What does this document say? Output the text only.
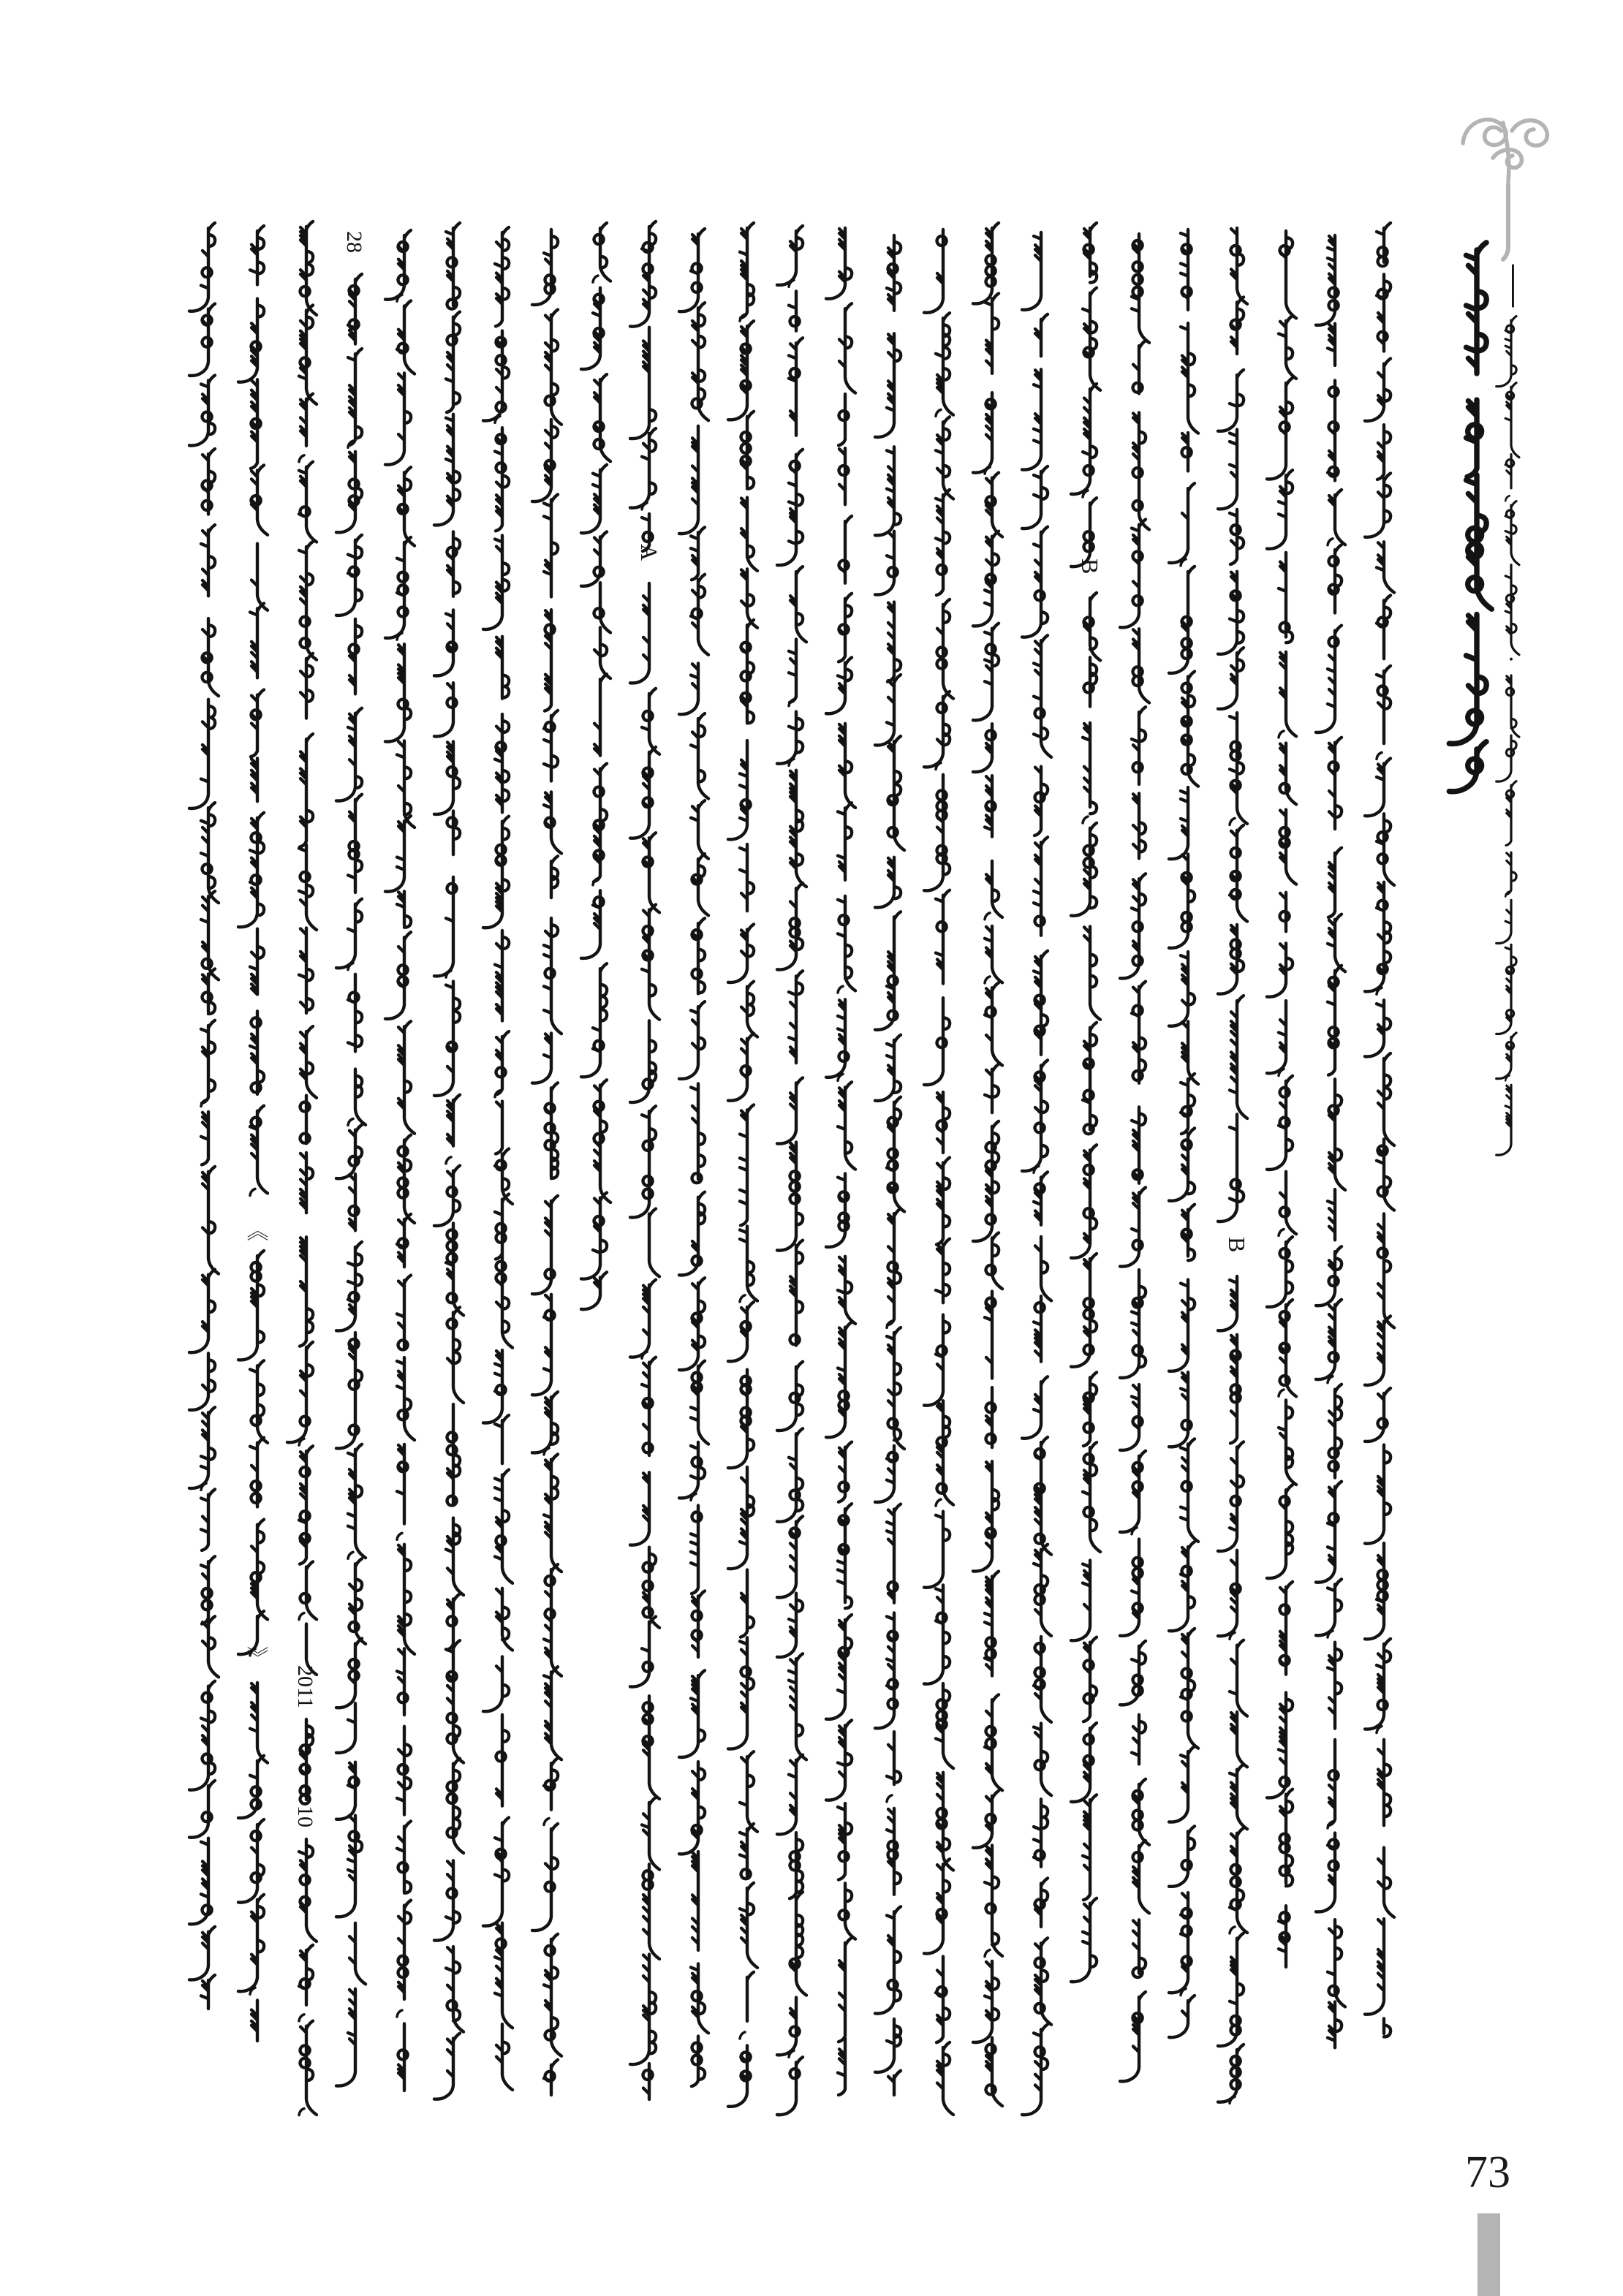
《
》
2011
10
28
A
B
B
—
·
73
